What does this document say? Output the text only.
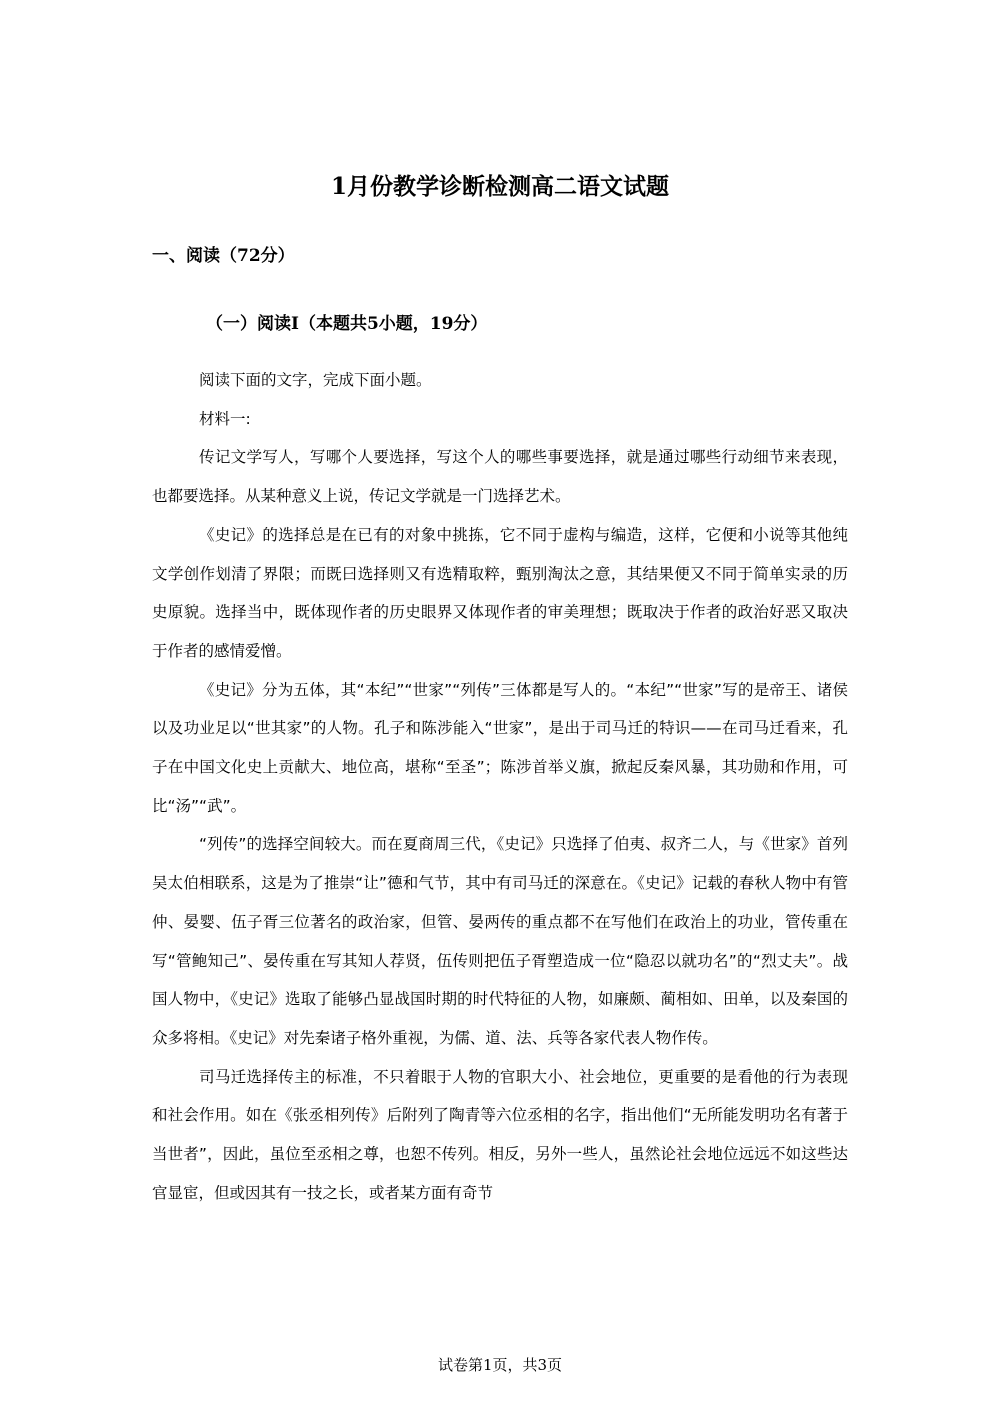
1月份教学诊断检测高二语文试题
一、阅读（72分）
（一）阅读I（本题共5小题，19分）

阅读下面的文字，完成下面小题。

材料一:

传记文学写人，写哪个人要选择，写这个人的哪些事要选择，就是通过哪些行动细节来表现，也都要选择。从某种意义上说，传记文学就是一门选择艺术。

《史记》的选择总是在已有的对象中挑拣，它不同于虚构与编造，这样，它便和小说等其他纯文学创作划清了界限；而既曰选择则又有选精取粹，甄别淘汰之意，其结果便又不同于简单实录的历史原貌。选择当中，既体现作者的历史眼界又体现作者的审美理想；既取决于作者的政治好恶又取决于作者的感情爱憎。

《史记》分为五体，其“本纪”“世家”“列传”三体都是写人的。“本纪”“世家”写的是帝王、诸侯以及功业足以“世其家”的人物。孔子和陈涉能入“世家”，是出于司马迁的特识——在司马迁看来，孔子在中国文化史上贡献大、地位高，堪称“至圣”；陈涉首举义旗，掀起反秦风暴，其功勋和作用，可比“汤”“武”。

“列传”的选择空间较大。而在夏商周三代，《史记》只选择了伯夷、叔齐二人，与《世家》首列吴太伯相联系，这是为了推崇“让”德和气节，其中有司马迁的深意在。《史记》记载的春秋人物中有管仲、晏婴、伍子胥三位著名的政治家，但管、晏两传的重点都不在写他们在政治上的功业，管传重在写“管鲍知己”、晏传重在写其知人荐贤，伍传则把伍子胥塑造成一位“隐忍以就功名”的“烈丈夫”。战国人物中，《史记》选取了能够凸显战国时期的时代特征的人物，如廉颇、蔺相如、田单，以及秦国的众多将相。《史记》对先秦诸子格外重视，为儒、道、法、兵等各家代表人物作传。

司马迁选择传主的标准，不只着眼于人物的官职大小、社会地位，更重要的是看他的行为表现和社会作用。如在《张丞相列传》后附列了陶青等六位丞相的名字，指出他们“无所能发明功名有著于当世者”，因此，虽位至丞相之尊，也恕不传列。相反，另外一些人，虽然论社会地位远远不如这些达官显宦，但或因其有一技之长，或者某方面有奇节

试卷第1页，共3页
